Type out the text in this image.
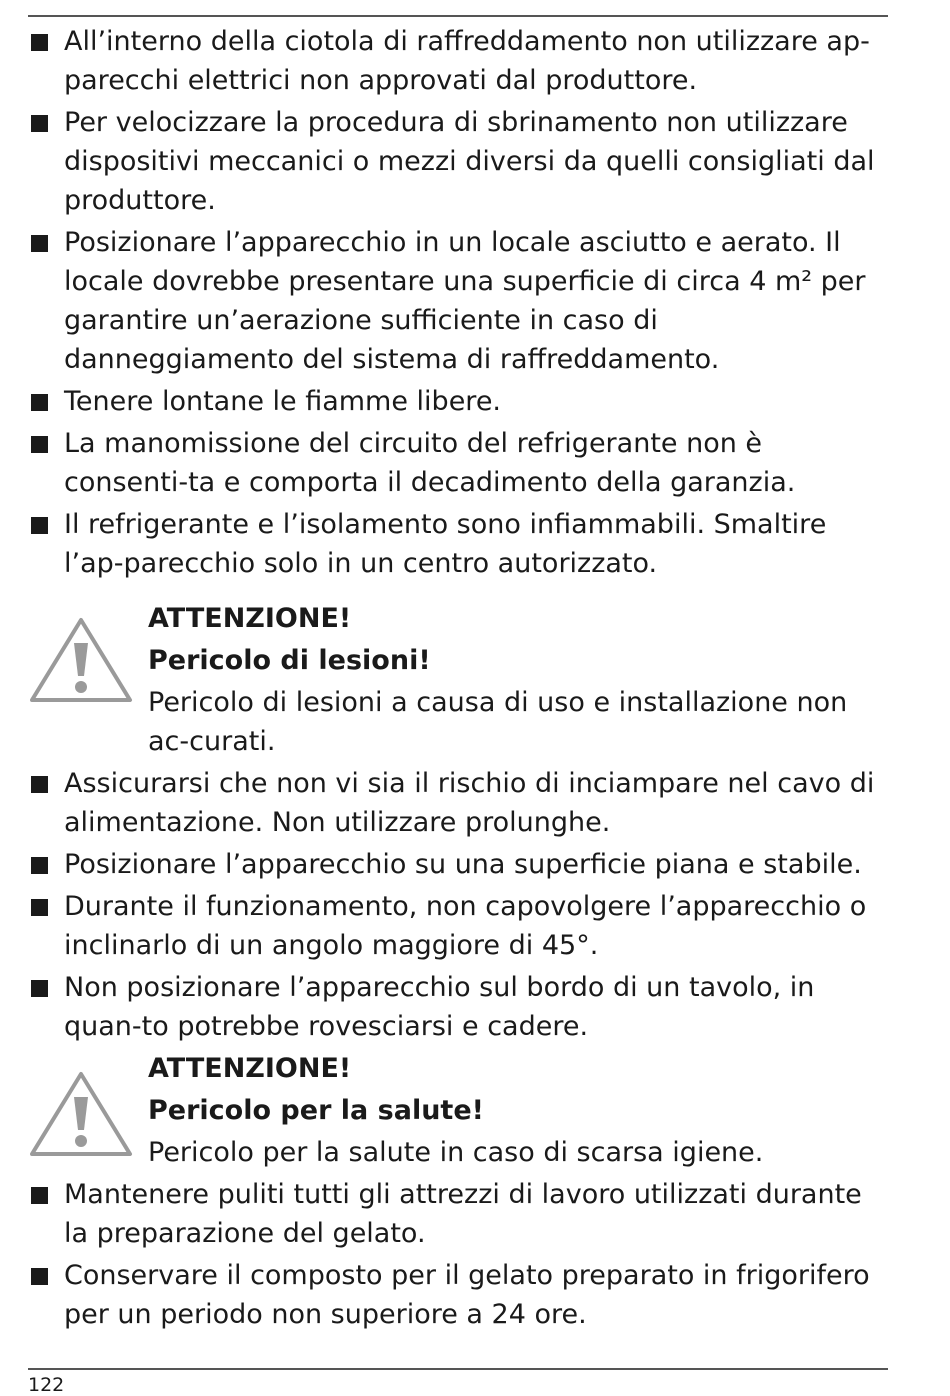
All’interno della ciotola di raffreddamento non utilizzare ap-parecchi elettrici non approvati dal produttore.
Per velocizzare la procedura di sbrinamento non utilizzare dispositivi meccanici o mezzi diversi da quelli consigliati dal produttore.
Posizionare l’apparecchio in un locale asciutto e aerato. Il locale dovrebbe presentare una superficie di circa 4 m² per garantire un’aerazione sufficiente in caso di danneggiamento del sistema di raffreddamento.
Tenere lontane le fiamme libere.
La manomissione del circuito del refrigerante non è consenti-ta e comporta il decadimento della garanzia.
Il refrigerante e l’isolamento sono infiammabili. Smaltire l’ap-parecchio solo in un centro autorizzato.
ATTENZIONE!
Pericolo di lesioni!
Pericolo di lesioni a causa di uso e installazione non ac-curati.
Assicurarsi che non vi sia il rischio di inciampare nel cavo di alimentazione. Non utilizzare prolunghe.
Posizionare l’apparecchio su una superficie piana e stabile.
Durante il funzionamento, non capovolgere l’apparecchio o inclinarlo di un angolo maggiore di 45°.
Non posizionare l’apparecchio sul bordo di un tavolo, in quan-to potrebbe rovesciarsi e cadere.
ATTENZIONE!
Pericolo per la salute!
Pericolo per la salute in caso di scarsa igiene.
Mantenere puliti tutti gli attrezzi di lavoro utilizzati durante la preparazione del gelato.
Conservare il composto per il gelato preparato in frigorifero per un periodo non superiore a 24 ore.
122
